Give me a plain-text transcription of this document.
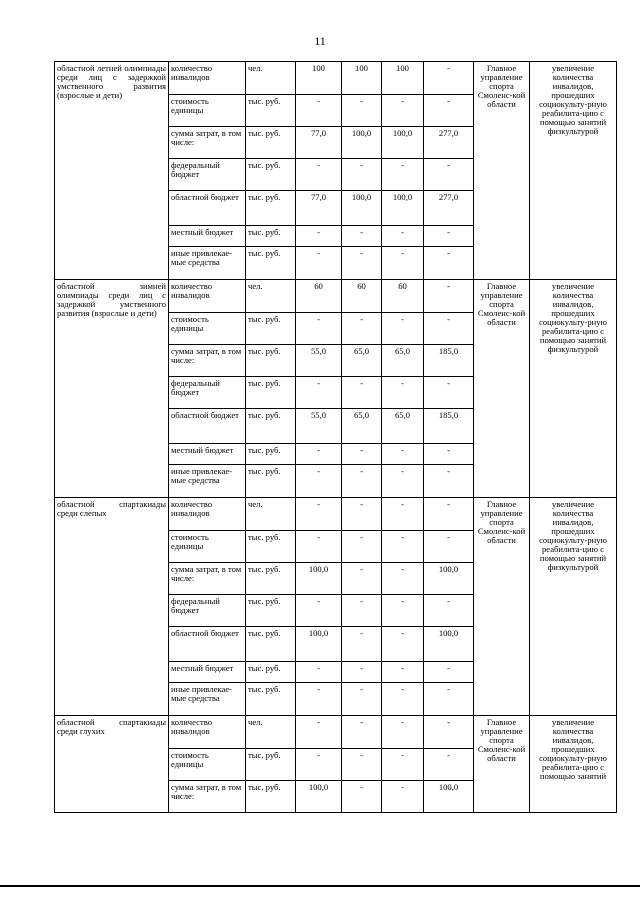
11
областной летней олимпиады среди лиц с задержкой умственного развития (взрослые и дети)	количество инвалидов	чел.	100	100	100	-	Главное управление спорта Смоленс-кой области	увеличение количества инвалидов, прошедших социокульту-рную реабилита-цию с помощью занятий физкультурой
	стоимость единицы	тыс. руб.	-	-	-	-		
	сумма затрат, в том числе:	тыс. руб.	77,0	100,0	100,0	277,0		
	федеральный бюджет	тыс. руб.	-	-	-	-		
	областной бюджет	тыс. руб.	77,0	100,0	100,0	277,0		
	местный бюджет	тыс. руб.	-	-	-	-		
	иные привлекае-мые средства	тыс. руб.	-	-	-	-		
областной зимней олимпиады среди лиц с задержкой умственного развития (взрослые и дети)	количество инвалидов	чел.	60	60	60	-	Главное управление спорта Смоленс-кой области	увеличение количества инвалидов, прошедших социокульту-рную реабилита-цию с помощью занятий физкультурой
	стоимость единицы	тыс. руб.	-	-	-	-		
	сумма затрат, в том числе:	тыс. руб.	55,0	65,0	65,0	185,0		
	федеральный бюджет	тыс. руб.	-	-	-	-		
	областной бюджет	тыс. руб.	55,0	65,0	65,0	185,0		
	местный бюджет	тыс. руб.	-	-	-	-		
	иные привлекае-мые средства	тыс. руб.	-	-	-	-		
областной спартакиады среди слепых	количество инвалидов	чел.	-	-	-	-	Главное управление спорта Смоленс-кой области	увеличение количества инвалидов, прошедших социокульту-рную реабилита-цию с помощью занятий физкультурой
	стоимость единицы	тыс. руб.	-	-	-	-		
	сумма затрат, в том числе:	тыс. руб.	100,0	-	-	100,0		
	федеральный бюджет	тыс. руб.	-	-	-	-		
	областной бюджет	тыс. руб.	100,0	-	-	100,0		
	местный бюджет	тыс. руб.	-	-	-	-		
	иные привлекае-мые средства	тыс. руб.	-	-	-	-		
областной спартакиады среди глухих	количество инвалидов	чел.	-	-	-	-	Главное управление спорта Смоленс-кой области	увеличение количества инвалидов, прошедших социокульту-рную реабилита-цию с помощью занятий
	стоимость единицы	тыс. руб.	-	-	-	-		
	сумма затрат, в том числе:	тыс. руб.	100,0	-	-	100,0		
